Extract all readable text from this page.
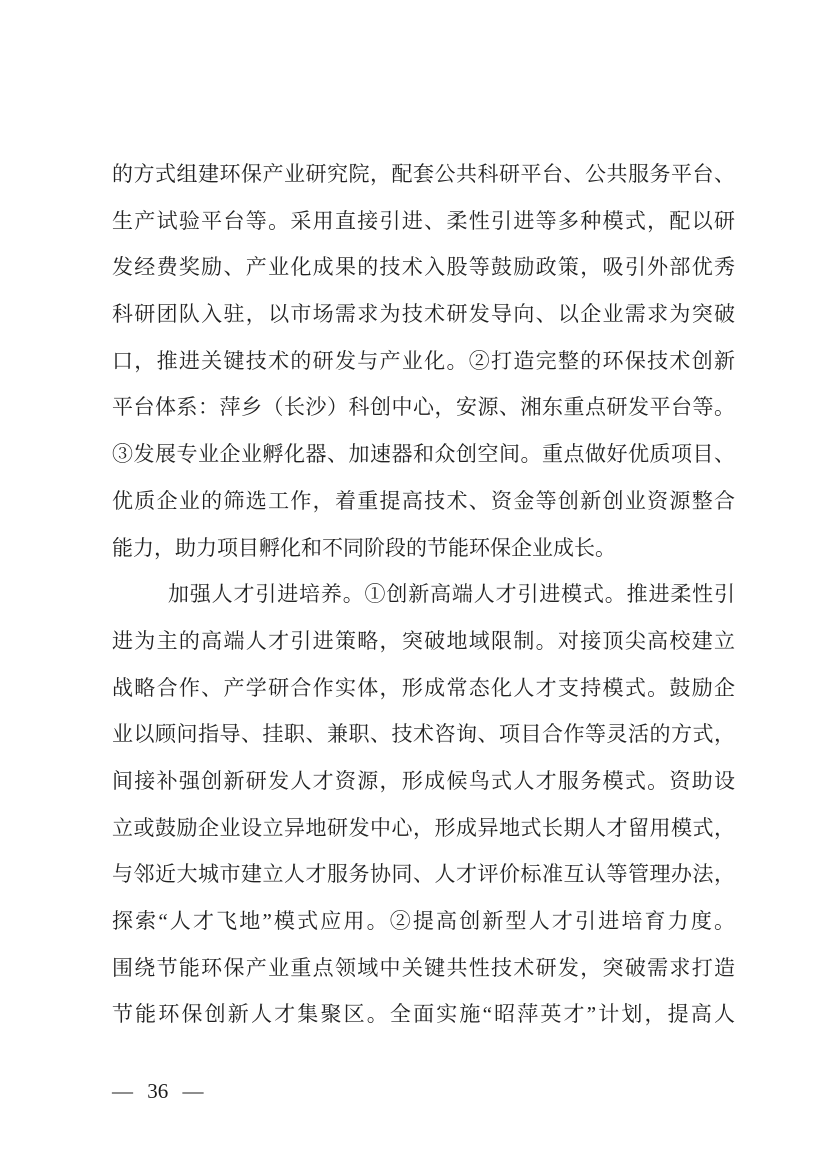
的方式组建环保产业研究院，配套公共科研平台、公共服务平台、
生产试验平台等。采用直接引进、柔性引进等多种模式，配以研
发经费奖励、产业化成果的技术入股等鼓励政策，吸引外部优秀
科研团队入驻，以市场需求为技术研发导向、以企业需求为突破
口，推进关键技术的研发与产业化。②打造完整的环保技术创新
平台体系：萍乡（长沙）科创中心，安源、湘东重点研发平台等。
③发展专业企业孵化器、加速器和众创空间。重点做好优质项目、
优质企业的筛选工作，着重提高技术、资金等创新创业资源整合
能力，助力项目孵化和不同阶段的节能环保企业成长。
加强人才引进培养。①创新高端人才引进模式。推进柔性引
进为主的高端人才引进策略，突破地域限制。对接顶尖高校建立
战略合作、产学研合作实体，形成常态化人才支持模式。鼓励企
业以顾问指导、挂职、兼职、技术咨询、项目合作等灵活的方式，
间接补强创新研发人才资源，形成候鸟式人才服务模式。资助设
立或鼓励企业设立异地研发中心，形成异地式长期人才留用模式，
与邻近大城市建立人才服务协同、人才评价标准互认等管理办法，
探索“人才飞地”模式应用。②提高创新型人才引进培育力度。
围绕节能环保产业重点领域中关键共性技术研发，突破需求打造
节能环保创新人才集聚区。全面实施“昭萍英才”计划，提高人
— 36 —
